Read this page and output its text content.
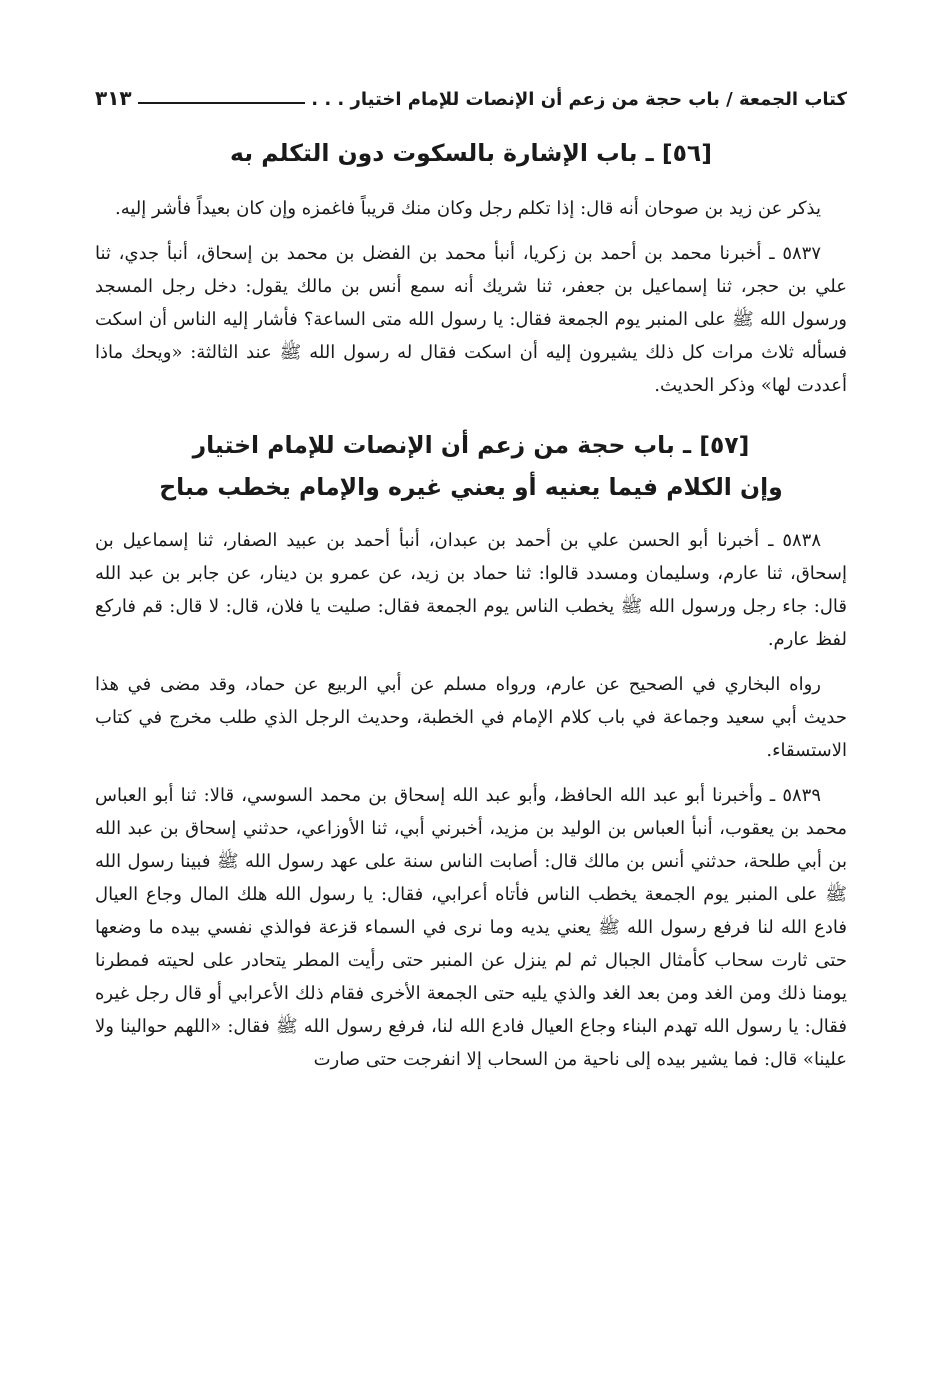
كتاب الجمعة / باب حجة من زعم أن الإنصات للإمام اختيار . . .
٣١٣
[٥٦] ـ باب الإشارة بالسكوت دون التكلم به

يذكر عن زيد بن صوحان أنه قال: إذا تكلم رجل وكان منك قريباً فاغمزه وإن كان بعيداً فأشر إليه.

٥٨٣٧ ـ أخبرنا محمد بن أحمد بن زكريا، أنبأ محمد بن الفضل بن محمد بن إسحاق، أنبأ جدي، ثنا علي بن حجر، ثنا إسماعيل بن جعفر، ثنا شريك أنه سمع أنس بن مالك يقول: دخل رجل المسجد ورسول الله ﷺ على المنبر يوم الجمعة فقال: يا رسول الله متى الساعة؟ فأشار إليه الناس أن اسكت فسأله ثلاث مرات كل ذلك يشيرون إليه أن اسكت فقال له رسول الله ﷺ عند الثالثة: «ويحك ماذا أعددت لها» وذكر الحديث.

[٥٧] ـ باب حجة من زعم أن الإنصات للإمام اختيار
وإن الكلام فيما يعنيه أو يعني غيره والإمام يخطب مباح

٥٨٣٨ ـ أخبرنا أبو الحسن علي بن أحمد بن عبدان، أنبأ أحمد بن عبيد الصفار، ثنا إسماعيل بن إسحاق، ثنا عارم، وسليمان ومسدد قالوا: ثنا حماد بن زيد، عن عمرو بن دينار، عن جابر بن عبد الله قال: جاء رجل ورسول الله ﷺ يخطب الناس يوم الجمعة فقال: صليت يا فلان، قال: لا قال: قم فاركع لفظ عارم.

رواه البخاري في الصحيح عن عارم، ورواه مسلم عن أبي الربيع عن حماد، وقد مضى في هذا حديث أبي سعيد وجماعة في باب كلام الإمام في الخطبة، وحديث الرجل الذي طلب مخرج في كتاب الاستسقاء.

٥٨٣٩ ـ وأخبرنا أبو عبد الله الحافظ، وأبو عبد الله إسحاق بن محمد السوسي، قالا: ثنا أبو العباس محمد بن يعقوب، أنبأ العباس بن الوليد بن مزيد، أخبرني أبي، ثنا الأوزاعي، حدثني إسحاق بن عبد الله بن أبي طلحة، حدثني أنس بن مالك قال: أصابت الناس سنة على عهد رسول الله ﷺ فبينا رسول الله ﷺ على المنبر يوم الجمعة يخطب الناس فأتاه أعرابي، فقال: يا رسول الله هلك المال وجاع العيال فادع الله لنا فرفع رسول الله ﷺ يعني يديه وما نرى في السماء قزعة فوالذي نفسي بيده ما وضعها حتى ثارت سحاب كأمثال الجبال ثم لم ينزل عن المنبر حتى رأيت المطر يتحادر على لحيته فمطرنا يومنا ذلك ومن الغد ومن بعد الغد والذي يليه حتى الجمعة الأخرى فقام ذلك الأعرابي أو قال رجل غيره فقال: يا رسول الله تهدم البناء وجاع العيال فادع الله لنا، فرفع رسول الله ﷺ فقال: «اللهم حوالينا ولا علينا» قال: فما يشير بيده إلى ناحية من السحاب إلا انفرجت حتى صارت
